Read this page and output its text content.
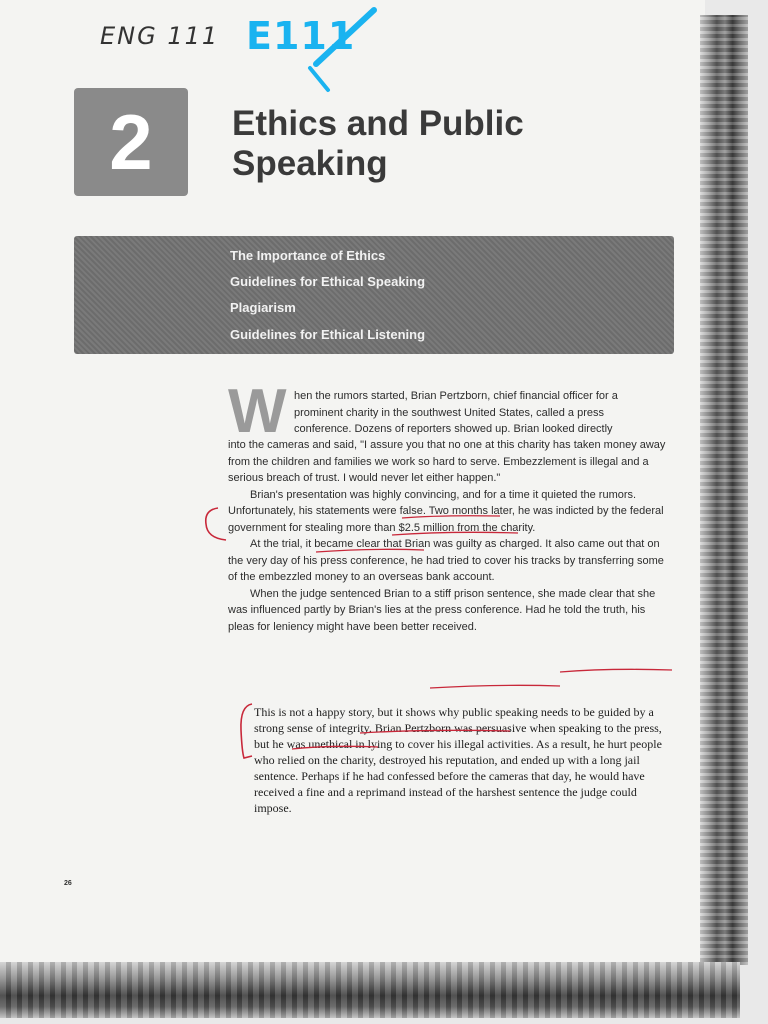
ENG 111 E111
2 Ethics and Public
Speaking
The Importance of Ethics
Guidelines for Ethical Speaking
Plagiarism
Guidelines for Ethical Listening
W hen the rumors started, Brian Pertzborn, chief financial officer for a
prominent charity in the southwest United States, called a press
conference. Dozens of reporters showed up. Brian looked directly

into the cameras and said, "I assure you that no one at this charity has taken money away from the children and families we work so hard to serve. Embezzlement is illegal and a serious breach of trust. I would never let either happen."

Brian's presentation was highly convincing, and for a time it quieted the rumors. Unfortunately, his statements were false. Two months later, he was indicted by the federal government for stealing more than $2.5 million from the charity.

At the trial, it became clear that Brian was guilty as charged. It also came out that on the very day of his press conference, he had tried to cover his tracks by transferring some of the embezzled money to an overseas bank account.

When the judge sentenced Brian to a stiff prison sentence, she made clear that she was influenced partly by Brian's lies at the press conference. Had he told the truth, his pleas for leniency might have been better received.

This is not a happy story, but it shows why public speaking needs to be guided by a strong sense of integrity. Brian Pertzborn was persuasive when speaking to the press, but he was unethical in lying to cover his illegal activities. As a result, he hurt people who relied on the charity, destroyed his reputation, and ended up with a long jail sentence. Perhaps if he had confessed before the cameras that day, he would have received a fine and a reprimand instead of the harshest sentence the judge could impose.
26
